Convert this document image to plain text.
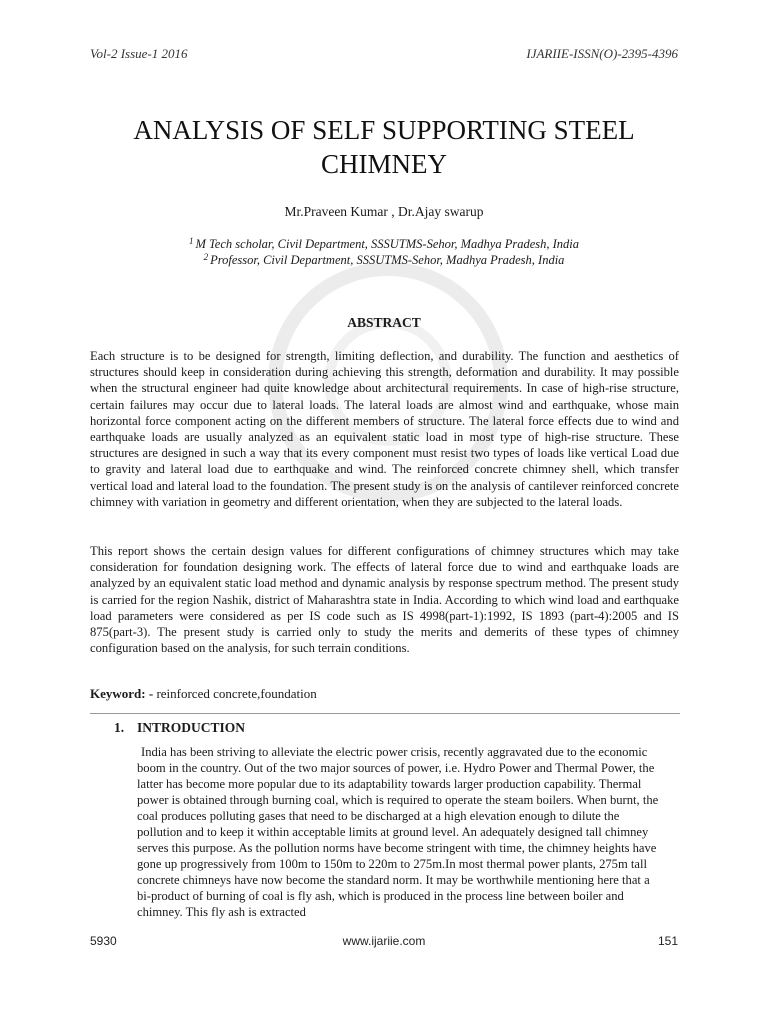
Vol-2 Issue-1 2016	IJARIIE-ISSN(O)-2395-4396
ANALYSIS OF SELF SUPPORTING STEEL
CHIMNEY
Mr.Praveen Kumar , Dr.Ajay swarup
$^1$ M Tech scholar, Civil Department, SSSUTMS-Sehor, Madhya Pradesh, India
$^2$ Professor, Civil Department, SSSUTMS-Sehor, Madhya Pradesh, India
ABSTRACT

Each structure is to be designed for strength, limiting deflection, and durability. The function and aesthetics of structures should keep in consideration during achieving this strength, deformation and durability. It may possible when the structural engineer had quite knowledge about architectural requirements. In case of high-rise structure, certain failures may occur due to lateral loads. The lateral loads are almost wind and earthquake, whose main horizontal force component acting on the different members of structure. The lateral force effects due to wind and earthquake loads are usually analyzed as an equivalent static load in most type of high-rise structure. These structures are designed in such a way that its every component must resist two types of loads like vertical Load due to gravity and lateral load due to earthquake and wind. The reinforced concrete chimney shell, which transfer vertical load and lateral load to the foundation. The present study is on the analysis of cantilever reinforced concrete chimney with variation in geometry and different orientation, when they are subjected to the lateral loads.

This report shows the certain design values for different configurations of chimney structures which may take consideration for foundation designing work. The effects of lateral force due to wind and earthquake loads are analyzed by an equivalent static load method and dynamic analysis by response spectrum method. The present study is carried for the region Nashik, district of Maharashtra state in India. According to which wind load and earthquake load parameters were considered as per IS code such as IS 4998(part-1):1992, IS 1893 (part-4):2005 and IS 875(part-3). The present study is carried only to study the merits and demerits of these types of chimney configuration based on the analysis, for such terrain conditions.

Keyword: - reinforced concrete,foundation
1. INTRODUCTION

India has been striving to alleviate the electric power crisis, recently aggravated due to the economic boom in the country. Out of the two major sources of power, i.e. Hydro Power and Thermal Power, the latter has become more popular due to its adaptability towards larger production capability. Thermal power is obtained through burning coal, which is required to operate the steam boilers. When burnt, the coal produces polluting gases that need to be discharged at a high elevation enough to dilute the pollution and to keep it within acceptable limits at ground level. An adequately designed tall chimney serves this purpose. As the pollution norms have become stringent with time, the chimney heights have gone up progressively from 100m to 150m to 220m to 275m.In most thermal power plants, 275m tall concrete chimneys have now become the standard norm. It may be worthwhile mentioning here that a bi-product of burning of coal is fly ash, which is produced in the process line between boiler and chimney. This fly ash is extracted

5930	www.ijariie.com	151
